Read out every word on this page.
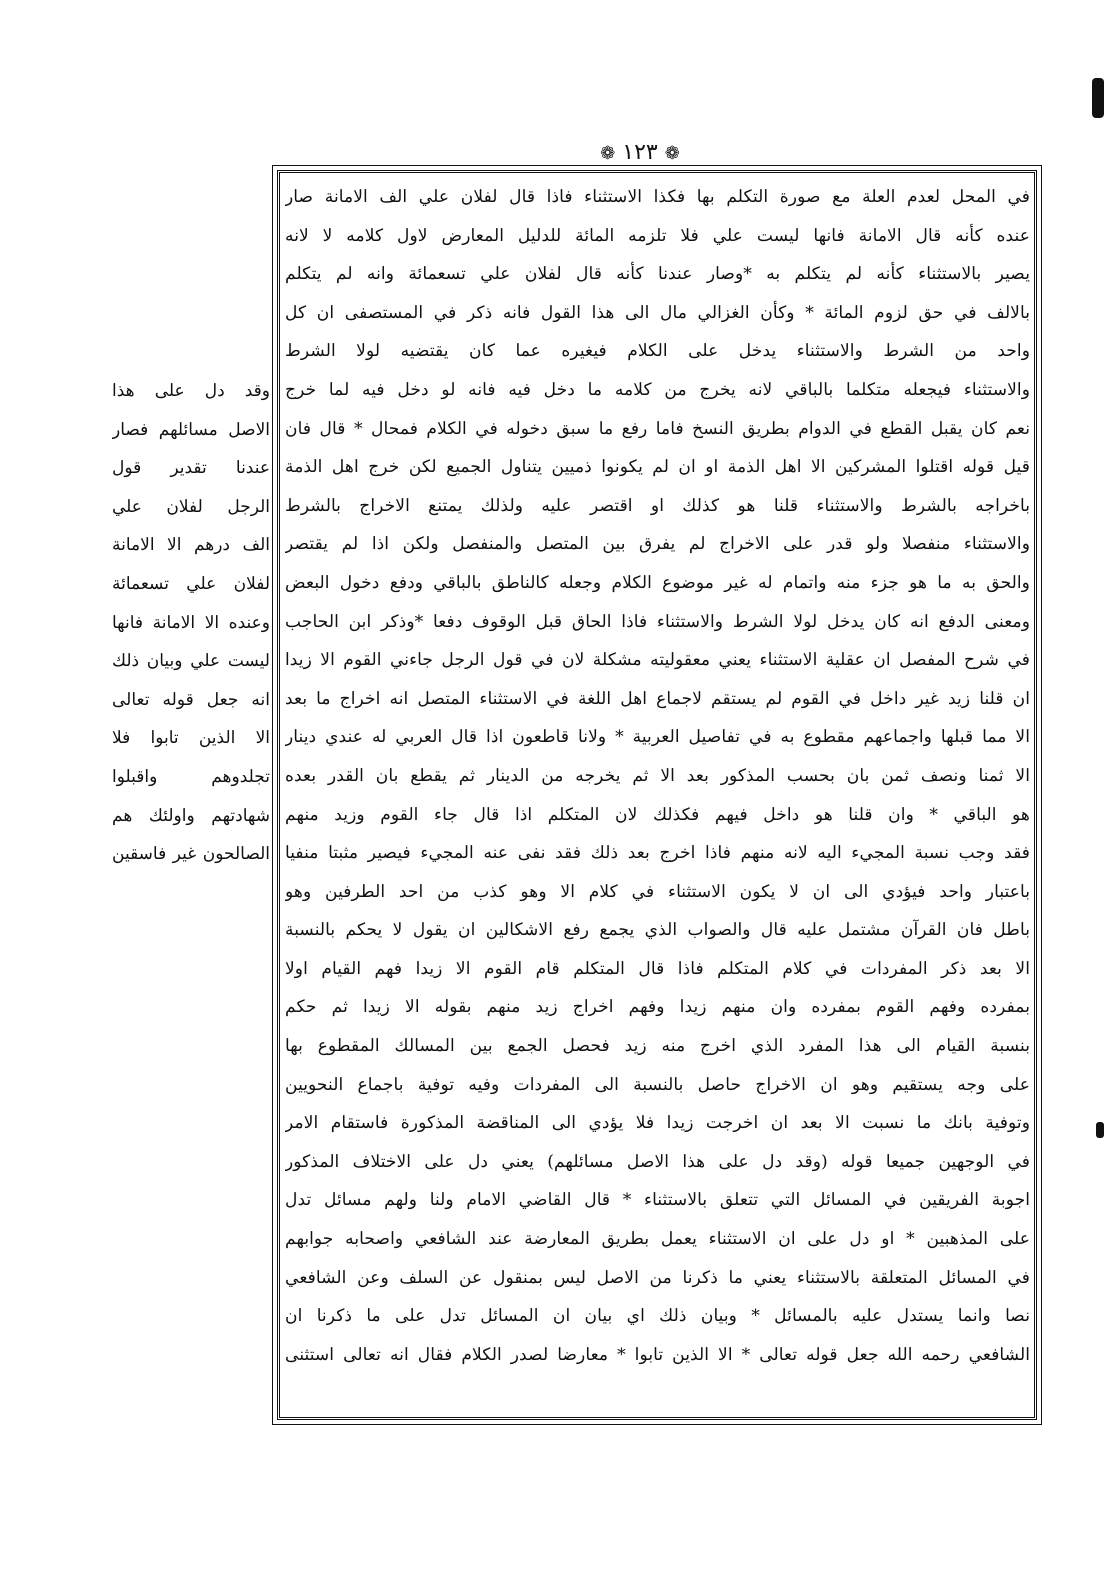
❁ ١٢٣ ❁
في المحل لعدم العلة مع صورة التكلم بها فكذا الاستثناء فاذا قال لفلان علي الف الامانة صار
عنده كأنه قال الامانة فانها ليست علي فلا تلزمه المائة للدليل المعارض لاول كلامه لا لانه
يصير بالاستثناء كأنه لم يتكلم به *وصار عندنا كأنه قال لفلان علي تسعمائة وانه لم يتكلم
بالالف في حق لزوم المائة * وكأن الغزالي مال الى هذا القول فانه ذكر في المستصفى ان كل
واحد من الشرط والاستثناء يدخل على الكلام فيغيره عما كان يقتضيه لولا الشرط
والاستثناء فيجعله متكلما بالباقي لانه يخرج من كلامه ما دخل فيه فانه لو دخل فيه لما خرج
نعم كان يقبل القطع في الدوام بطريق النسخ فاما رفع ما سبق دخوله في الكلام فمحال * قال فان
قيل قوله اقتلوا المشركين الا اهل الذمة او ان لم يكونوا ذميين يتناول الجميع لكن خرج اهل الذمة
باخراجه بالشرط والاستثناء قلنا هو كذلك او اقتصر عليه ولذلك يمتنع الاخراج بالشرط
والاستثناء منفصلا ولو قدر على الاخراج لم يفرق بين المتصل والمنفصل ولكن اذا لم يقتصر
والحق به ما هو جزء منه واتمام له غير موضوع الكلام وجعله كالناطق بالباقي ودفع دخول البعض
ومعنى الدفع انه كان يدخل لولا الشرط والاستثناء فاذا الحاق قبل الوقوف دفعا *وذكر ابن الحاجب
في شرح المفصل ان عقلية الاستثناء يعني معقوليته مشكلة لان في قول الرجل جاءني القوم الا زيدا
ان قلنا زيد غير داخل في القوم لم يستقم لاجماع اهل اللغة في الاستثناء المتصل انه اخراج ما بعد
الا مما قبلها واجماعهم مقطوع به في تفاصيل العربية * ولانا قاطعون اذا قال العربي له عندي دينار
الا ثمنا ونصف ثمن بان بحسب المذكور بعد الا ثم يخرجه من الدينار ثم يقطع بان القدر بعده
هو الباقي * وان قلنا هو داخل فيهم فكذلك لان المتكلم اذا قال جاء القوم وزيد منهم
فقد وجب نسبة المجيء اليه لانه منهم فاذا اخرج بعد ذلك فقد نفى عنه المجيء فيصير مثبتا منفيا
باعتبار واحد فيؤدي الى ان لا يكون الاستثناء في كلام الا وهو كذب من احد الطرفين وهو
باطل فان القرآن مشتمل عليه قال والصواب الذي يجمع رفع الاشكالين ان يقول لا يحكم بالنسبة
الا بعد ذكر المفردات في كلام المتكلم فاذا قال المتكلم قام القوم الا زيدا فهم القيام اولا
بمفرده وفهم القوم بمفرده وان منهم زيدا وفهم اخراج زيد منهم بقوله الا زيدا ثم حكم
بنسبة القيام الى هذا المفرد الذي اخرج منه زيد فحصل الجمع بين المسالك المقطوع بها
على وجه يستقيم وهو ان الاخراج حاصل بالنسبة الى المفردات وفيه توفية باجماع النحويين
وتوفية بانك ما نسبت الا بعد ان اخرجت زيدا فلا يؤدي الى المناقضة المذكورة فاستقام الامر
في الوجهين جميعا قوله (وقد دل على هذا الاصل مسائلهم) يعني دل على الاختلاف المذكور
اجوبة الفريقين في المسائل التي تتعلق بالاستثناء * قال القاضي الامام ولنا ولهم مسائل تدل
على المذهبين * او دل على ان الاستثناء يعمل بطريق المعارضة عند الشافعي واصحابه جوابهم
في المسائل المتعلقة بالاستثناء يعني ما ذكرنا من الاصل ليس بمنقول عن السلف وعن الشافعي
نصا وانما يستدل عليه بالمسائل * وبيان ذلك اي بيان ان المسائل تدل على ما ذكرنا ان
الشافعي رحمه الله جعل قوله تعالى * الا الذين تابوا * معارضا لصدر الكلام فقال انه تعالى استثنى
وقد دل على هذا
الاصل مسائلهم فصار
عندنا تقدير قول
الرجل لفلان علي
الف درهم الا الامانة
لفلان علي تسعمائة
وعنده الا الامانة فانها
ليست علي وبيان ذلك
انه جعل قوله تعالى
الا الذين تابوا فلا
تجلدوهم واقبلوا
شهادتهم واولئك هم
الصالحون غير فاسقين
